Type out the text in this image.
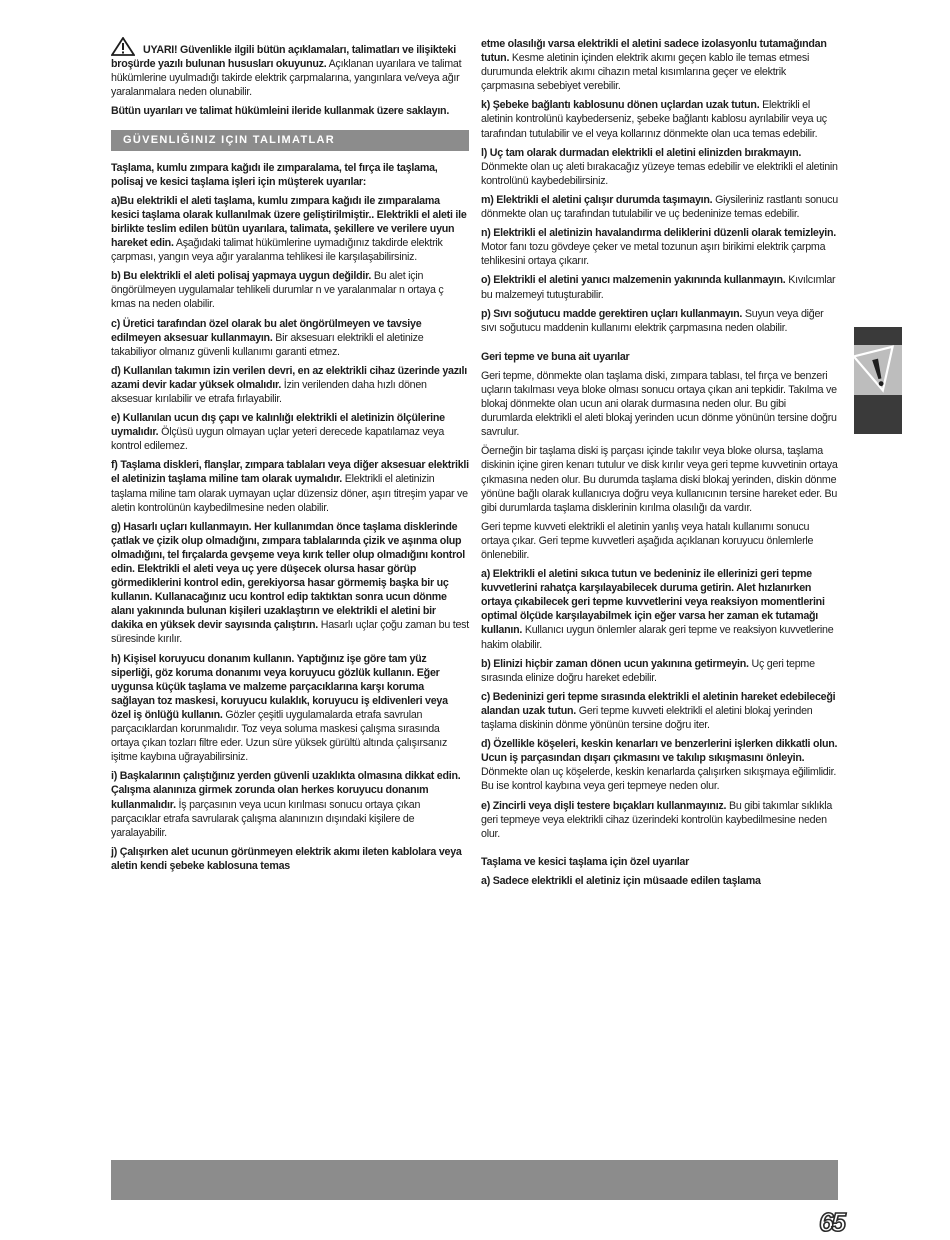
UYARI! Güvenlikle ilgili bütün açıklamaları, talimatları ve ilişikteki broşürde yazılı bulunan hususları okuyunuz. Açıklanan uyarılara ve talimat hükümlerine uyulmadığı takirde elektrik çarpmalarına, yangınlara ve/veya ağır yaralanmalara neden olunabilir.

Bütün uyarıları ve talimat hükümleini ileride kullanmak üzere saklayın.

GÜVENLIĞINIZ IÇIN TALIMATLAR

Taşlama, kumlu zımpara kağıdı ile zımparalama, tel fırça ile taşlama, polisaj ve kesici taşlama işleri için müşterek uyarılar:

a)Bu elektrikli el aleti taşlama, kumlu zımpara kağıdı ile zımparalama kesici taşlama olarak kullanılmak üzere geliştirilmiştir.. Elektrikli el aleti ile birlikte teslim edilen bütün uyarılara, talimata, şekillere ve verilere uyun hareket edin. Aşağıdaki talimat hükümlerine uymadığınız takdirde elektrik çarpması, yangın veya ağır yaralanma tehlikesi ile karşılaşabilirsiniz.

b) Bu elektrikli el aleti polisaj yapmaya uygun değildir. Bu alet için öngörülmeyen uygulamalar tehlikeli durumlar n ve yaralanmalar n ortaya ç kmas na neden olabilir.

c) Üretici tarafından özel olarak bu alet öngörülmeyen ve tavsiye edilmeyen aksesuar kullanmayın. Bir aksesuarı elektrikli el aletinize takabiliyor olmanız güvenli kullanımı garanti etmez.

d) Kullanılan takımın izin verilen devri, en az elektrikli cihaz üzerinde yazılı azami devir kadar yüksek olmalıdır. İzin verilenden daha hızlı dönen aksesuar kırılabilir ve etrafa fırlayabilir.

e) Kullanılan ucun dış çapı ve kalınlığı elektrikli el aletinizin ölçülerine uymalıdır. Ölçüsü uygun olmayan uçlar yeteri derecede kapatılamaz veya kontrol edilemez.

f) Taşlama diskleri, flanşlar, zımpara tablaları veya diğer aksesuar elektrikli el aletinizin taşlama miline tam olarak uymalıdır. Elektrikli el aletinizin taşlama miline tam olarak uymayan uçlar düzensiz döner, aşırı titreşim yapar ve aletin kontrolünün kaybedilmesine neden olabilir.

g) Hasarlı uçları kullanmayın. Her kullanımdan önce taşlama disklerinde çatlak ve çizik olup olmadığını, zımpara tablalarında çizik ve aşınma olup olmadığını, tel fırçalarda gevşeme veya kırık teller olup olmadığını kontrol edin. Elektrikli el aleti veya uç yere düşecek olursa hasar görüp görmediklerini kontrol edin, gerekiyorsa hasar görmemiş başka bir uç kullanın. Kullanacağınız ucu kontrol edip taktıktan sonra ucun dönme alanı yakınında bulunan kişileri uzaklaştırın ve elektrikli el aletini bir dakika en yüksek devir sayısında çalıştırın. Hasarlı uçlar çoğu zaman bu test süresinde kırılır.

h) Kişisel koruyucu donanım kullanın. Yaptığınız işe göre tam yüz siperliği, göz koruma donanımı veya koruyucu gözlük kullanın. Eğer uygunsa küçük taşlama ve malzeme parçacıklarına karşı koruma sağlayan toz maskesi, koruyucu kulaklık, koruyucu iş eldivenleri veya özel iş önlüğü kullanın. Gözler çeşitli uygulamalarda etrafa savrulan parçacıklardan korunmalıdır. Toz veya soluma maskesi çalışma sırasında ortaya çıkan tozları filtre eder. Uzun süre yüksek gürültü altında çalışırsanız işitme kaybına uğrayabilirsiniz.

i) Başkalarının çalıştığınız yerden güvenli uzaklıkta olmasına dikkat edin. Çalışma alanınıza girmek zorunda olan herkes koruyucu donanım kullanmalıdır. İş parçasının veya ucun kırılması sonucu ortaya çıkan parçacıklar etrafa savrularak çalışma alanınızın dışındaki kişilere de yaralayabilir.

j) Çalışırken alet ucunun görünmeyen elektrik akımı ileten kablolara veya aletin kendi şebeke kablosuna temas

etme olasılığı varsa elektrikli el aletini sadece izolasyonlu tutamağından tutun. Kesme aletinin içinden elektrik akımı geçen kablo ile temas etmesi durumunda elektrik akımı cihazın metal kısımlarına geçer ve elektrik çarpmasına sebebiyet verebilir.

k) Şebeke bağlantı kablosunu dönen uçlardan uzak tutun. Elektrikli el aletinin kontrolünü kaybederseniz, şebeke bağlantı kablosu ayrılabilir veya uç tarafından tutulabilir ve el veya kollarınız dönmekte olan uca temas edebilir.

l) Uç tam olarak durmadan elektrikli el aletini elinizden bırakmayın. Dönmekte olan uç aleti bırakacağız yüzeye temas edebilir ve elektrikli el aletinin kontrolünü kaybedebilirsiniz.

m) Elektrikli el aletini çalışır durumda taşımayın. Giysileriniz rastlantı sonucu dönmekte olan uç tarafından tutulabilir ve uç bedeninize temas edebilir.

n) Elektrikli el aletinizin havalandırma deliklerini düzenli olarak temizleyin. Motor fanı tozu gövdeye çeker ve metal tozunun aşırı birikimi elektrik çarpma tehlikesini ortaya çıkarır.

o) Elektrikli el aletini yanıcı malzemenin yakınında kullanmayın. Kıvılcımlar bu malzemeyi tutuşturabilir.

p) Sıvı soğutucu madde gerektiren uçları kullanmayın. Suyun veya diğer sıvı soğutucu maddenin kullanımı elektrik çarpmasına neden olabilir.

Geri tepme ve buna ait uyarılar

Geri tepme, dönmekte olan taşlama diski, zımpara tablası, tel fırça ve benzeri uçların takılması veya bloke olması sonucu ortaya çıkan ani tepkidir. Takılma ve blokaj dönmekte olan ucun ani olarak durmasına neden olur. Bu gibi durumlarda elektrikli el aleti blokaj yerinden ucun dönme yönünün tersine doğru savrulur.

Öerneğin bir taşlama diski iş parçası içinde takılır veya bloke olursa, taşlama diskinin içine giren kenarı tutulur ve disk kırılır veya geri tepme kuvvetinin ortaya çıkmasına neden olur. Bu durumda taşlama diski blokaj yerinden, diskin dönme yönüne bağlı olarak kullanıcıya doğru veya kullanıcının tersine hareket eder. Bu gibi durumlarda taşlama disklerinin kırılma olasılığı da vardır.

Geri tepme kuvveti elektrikli el aletinin yanlış veya hatalı kullanımı sonucu ortaya çıkar. Geri tepme kuvvetleri aşağıda açıklanan koruyucu önlemlerle önlenebilir.

a) Elektrikli el aletini sıkıca tutun ve bedeniniz ile ellerinizi geri tepme kuvvetlerini rahatça karşılayabilecek duruma getirin. Alet hızlanırken ortaya çıkabilecek geri tepme kuvvetlerini veya reaksiyon momentlerini optimal ölçüde karşılayabilmek için eğer varsa her zaman ek tutamağı kullanın. Kullanıcı uygun önlemler alarak geri tepme ve reaksiyon kuvvetlerine hakim olabilir.

b) Elinizi hiçbir zaman dönen ucun yakınına getirmeyin. Uç geri tepme sırasında elinize doğru hareket edebilir.

c) Bedeninizi geri tepme sırasında elektrikli el aletinin hareket edebileceği alandan uzak tutun. Geri tepme kuvveti elektrikli el aletini blokaj yerinden taşlama diskinin dönme yönünün tersine doğru iter.

d) Özellikle köşeleri, keskin kenarları ve benzerlerini işlerken dikkatli olun. Ucun iş parçasından dışarı çıkmasını ve takılıp sıkışmasını önleyin. Dönmekte olan uç köşelerde, keskin kenarlarda çalışırken sıkışmaya eğilimlidir. Bu ise kontrol kaybına veya geri tepmeye neden olur.

e) Zincirli veya dişli testere bıçakları kullanmayınız. Bu gibi takımlar sıklıkla geri tepmeye veya elektrikli cihaz üzerindeki kontrolün kaybedilmesine neden olur.

Taşlama ve kesici taşlama için özel uyarılar

a) Sadece elektrikli el aletiniz için müsaade edilen taşlama

65
